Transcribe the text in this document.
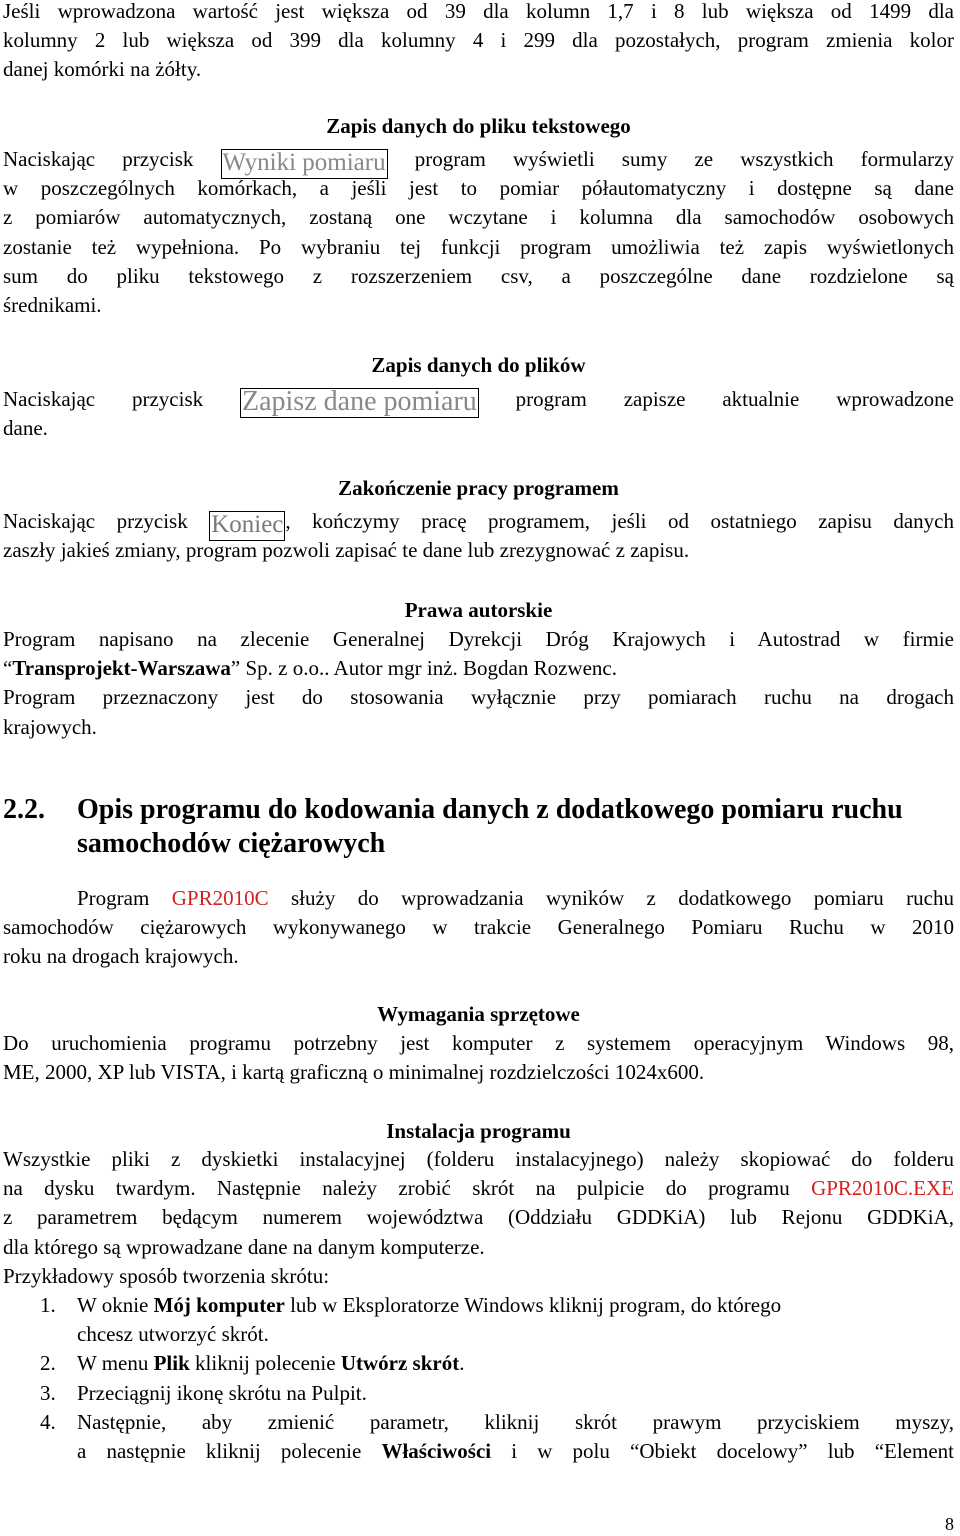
Jeśli wprowadzona wartość jest większa od 39 dla kolumn 1,7 i 8 lub większa od 1499 dla
kolumny 2 lub większa od 399 dla kolumny 4 i 299 dla pozostałych, program zmienia kolor
danej komórki na żółty.

Zapis danych do pliku tekstowego

Naciskając przycisk Wyniki pomiaru program wyświetli sumy ze wszystkich formularzy
w poszczególnych komórkach, a jeśli jest to pomiar półautomatyczny i dostępne są dane
z pomiarów automatycznych, zostaną one wczytane i kolumna dla samochodów osobowych
zostanie też wypełniona. Po wybraniu tej funkcji program umożliwia też zapis wyświetlonych
sum do pliku tekstowego z rozszerzeniem csv, a poszczególne dane rozdzielone są
średnikami.

Zapis danych do plików

Naciskając przycisk Zapisz dane pomiaru program zapisze aktualnie wprowadzone
dane.

Zakończenie pracy programem

Naciskając przycisk Koniec, kończymy pracę programem, jeśli od ostatniego zapisu danych
zaszły jakieś zmiany, program pozwoli zapisać te dane lub zrezygnować z zapisu.

Prawa autorskie

Program napisano na zlecenie Generalnej Dyrekcji Dróg Krajowych i Autostrad w firmie
“Transprojekt-Warszawa” Sp. z o.o.. Autor mgr inż. Bogdan Rozwenc.
Program przeznaczony jest do stosowania wyłącznie przy pomiarach ruchu na drogach
krajowych.

2.2. Opis programu do kodowania danych z dodatkowego pomiaru ruchu
samochodów ciężarowych

Program GPR2010C służy do wprowadzania wyników z dodatkowego pomiaru ruchu
samochodów ciężarowych wykonywanego w trakcie Generalnego Pomiaru Ruchu w 2010
roku na drogach krajowych.

Wymagania sprzętowe

Do uruchomienia programu potrzebny jest komputer z systemem operacyjnym Windows 98,
ME, 2000, XP lub VISTA, i kartą graficzną o minimalnej rozdzielczości 1024x600.

Instalacja programu

Wszystkie pliki z dyskietki instalacyjnej (folderu instalacyjnego) należy skopiować do folderu
na dysku twardym. Następnie należy zrobić skrót na pulpicie do programu GPR2010C.EXE
z parametrem będącym numerem województwa (Oddziału GDDKiA) lub Rejonu GDDKiA,
dla którego są wprowadzane dane na danym komputerze.
Przykładowy sposób tworzenia skrótu:

1. W oknie Mój komputer lub w Eksploratorze Windows kliknij program, do którego
chcesz utworzyć skrót.
2. W menu Plik kliknij polecenie Utwórz skrót.
3. Przeciągnij ikonę skrótu na Pulpit.
4. Następnie, aby zmienić parametr, kliknij skrót prawym przyciskiem myszy,
a następnie kliknij polecenie Właściwości i w polu “Obiekt docelowy” lub “Element
8
